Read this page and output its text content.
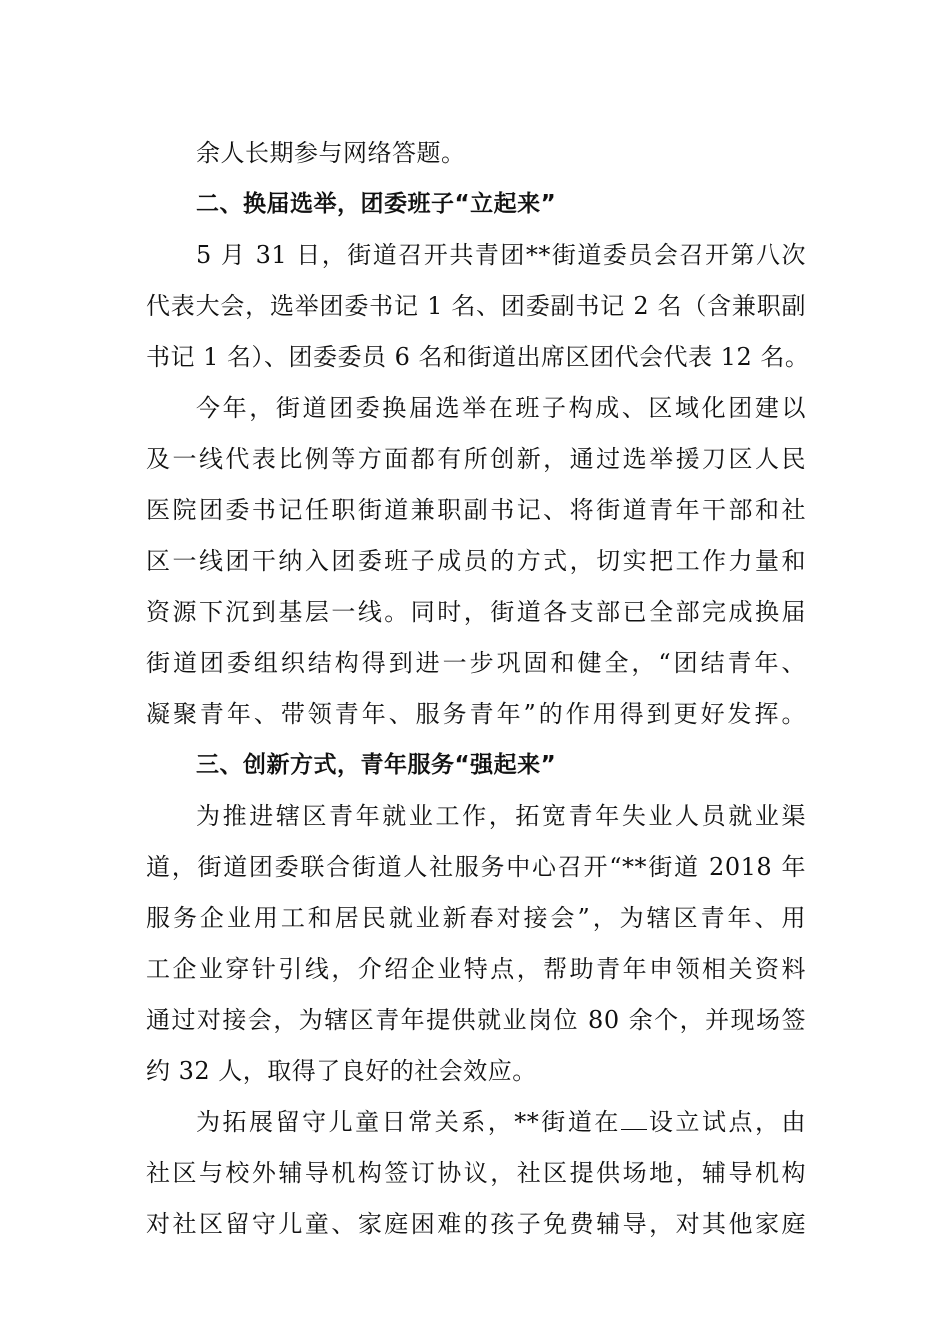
余人长期参与网络答题。
二、换届选举，团委班子“立起来”
5 月 31 日，街道召开共青团**街道委员会召开第八次
代表大会，选举团委书记 1 名、团委副书记 2 名（含兼职副
书记 1 名）、团委委员 6 名和街道出席区团代会代表 12 名。
今年，街道团委换届选举在班子构成、区域化团建以
及一线代表比例等方面都有所创新，通过选举援刀区人民
医院团委书记任职街道兼职副书记、将街道青年干部和社
区一线团干纳入团委班子成员的方式，切实把工作力量和
资源下沉到基层一线。同时，街道各支部已全部完成换届
街道团委组织结构得到进一步巩固和健全，“团结青年、
凝聚青年、带领青年、服务青年”的作用得到更好发挥。
三、创新方式，青年服务“强起来”
为推进辖区青年就业工作，拓宽青年失业人员就业渠
道，街道团委联合街道人社服务中心召开“**街道 2018 年
服务企业用工和居民就业新春对接会”，为辖区青年、用
工企业穿针引线，介绍企业特点，帮助青年申领相关资料
通过对接会，为辖区青年提供就业岗位 80 余个，并现场签
约 32 人，取得了良好的社会效应。
为拓展留守儿童日常关系，**街道在 设立试点，由
社区与校外辅导机构签订协议，社区提供场地，辅导机构
对社区留守儿童、家庭困难的孩子免费辅导，对其他家庭
